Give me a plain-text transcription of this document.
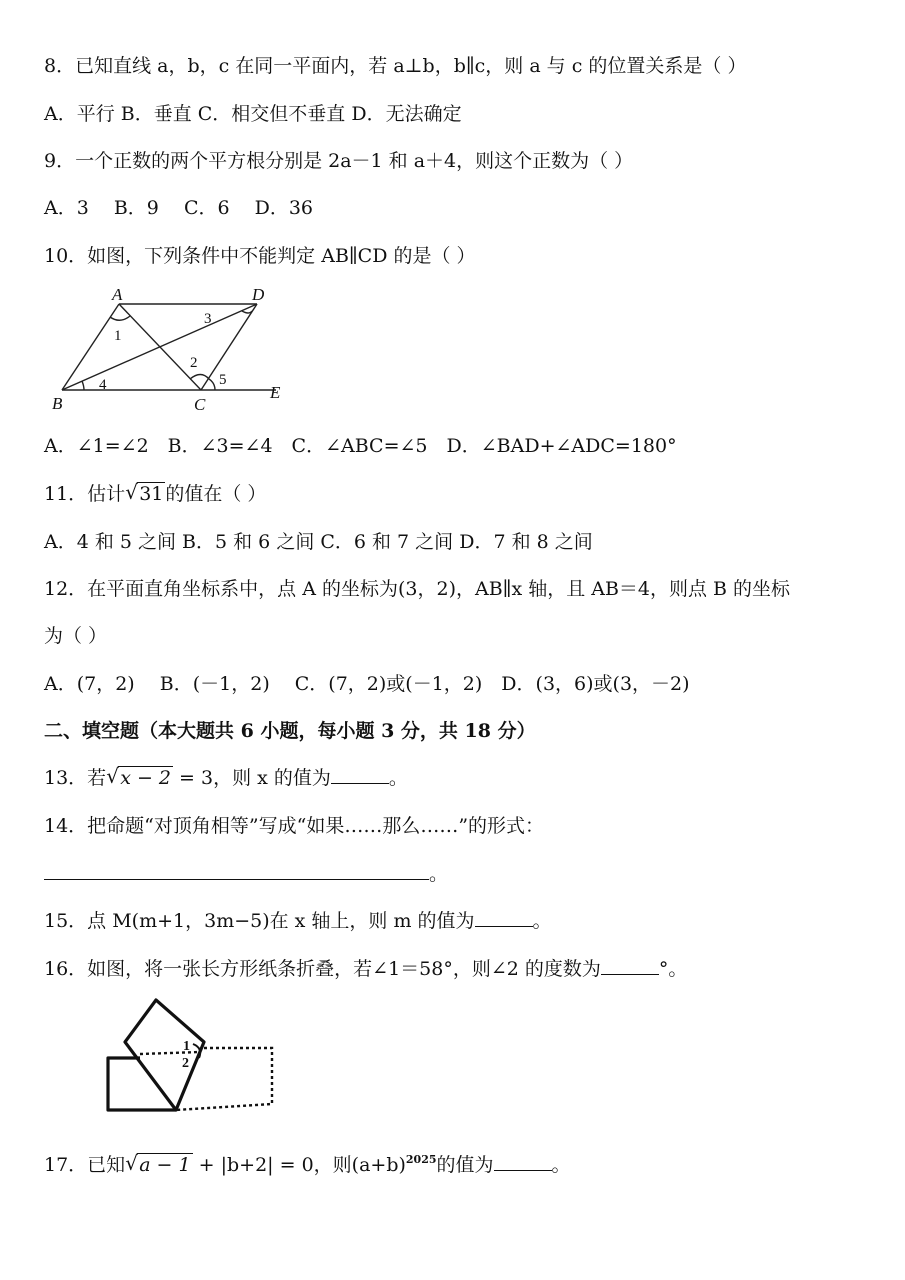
8．已知直线 a，b，c 在同一平面内，若 a⊥b，b∥c，则 a 与 c 的位置关系是（ ）
A．平行 B．垂直 C．相交但不垂直 D．无法确定
9．一个正数的两个平方根分别是 2a－1 和 a＋4，则这个正数为（ ）
A．3　 B．9　 C．6　 D．36
10．如图，下列条件中不能判定 AB∥CD 的是（ ）
A	D
B	C
E
1
2
3
4	5
A．∠1=∠2　B．∠3=∠4　C．∠ABC=∠5　D．∠BAD+∠ADC=180°
11．估计 √ 31 的值在（ ）
A．4 和 5 之间 B．5 和 6 之间 C．6 和 7 之间 D．7 和 8 之间
12．在平面直角坐标系中，点 A 的坐标为(3，2)，AB∥x 轴，且 AB＝4，则点 B 的坐标
为（ ）
A．(7，2)　 B．(－1，2)　 C．(7，2)或(－1，2)　D．(3，6)或(3，－2)
二、填空题（本大题共 6 小题，每小题 3 分，共 18 分）
13．若 √ x − 2 = 3，则 x 的值为	。
14．把命题“对顶角相等”写成“如果……那么……”的形式：
。
15．点 M(m+1，3m−5)在 x 轴上，则 m 的值为	。
16．如图，将一张长方形纸条折叠，若∠1＝58°，则∠2 的度数为	°。
1
2
17．已知 √ a − 1 + |b+2| = 0，则$(a+b)^{2025}$的值为	。
